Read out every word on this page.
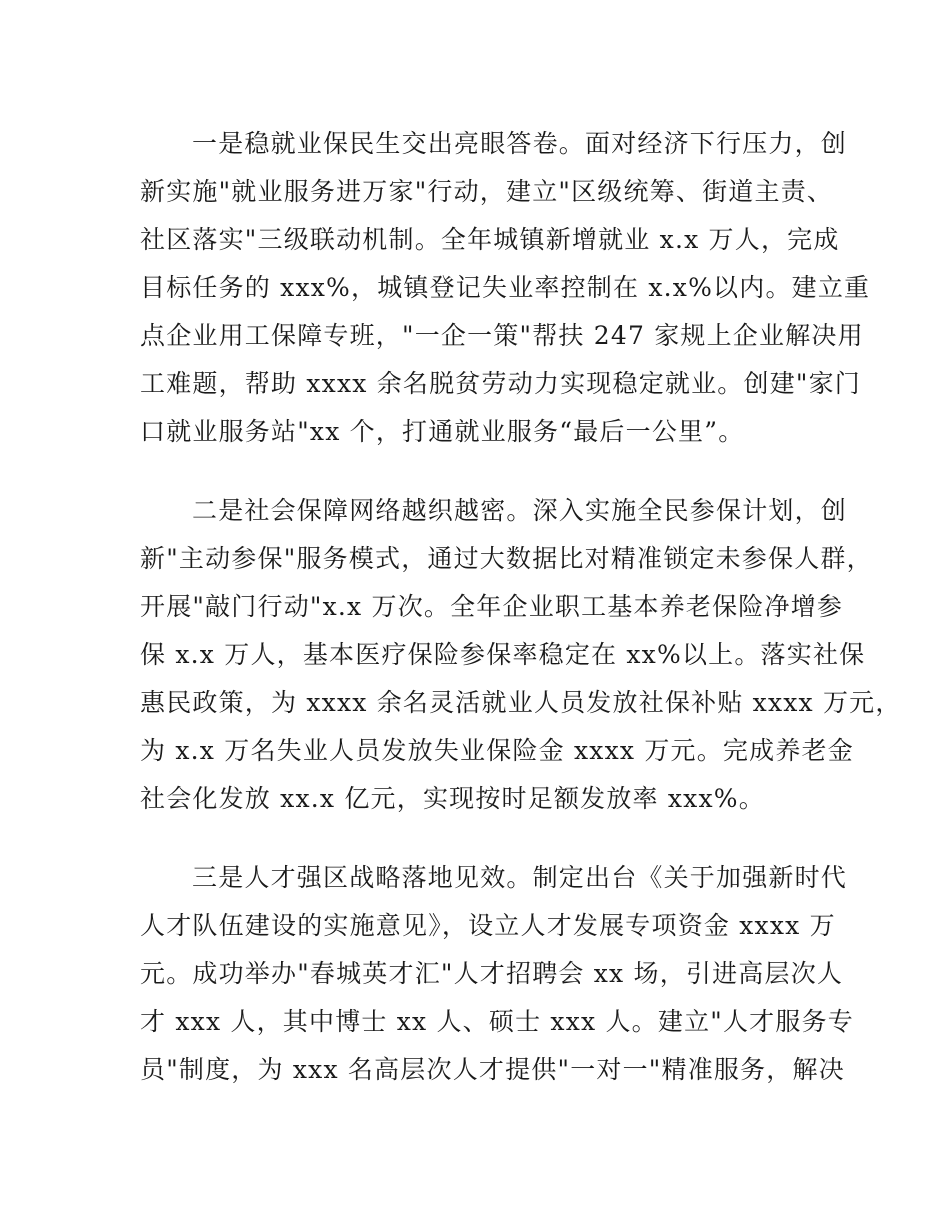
一是稳就业保民生交出亮眼答卷。面对经济下行压力，创
新实施"就业服务进万家"行动，建立"区级统筹、街道主责、
社区落实"三级联动机制。全年城镇新增就业 x.x 万人，完成
目标任务的 xxx%，城镇登记失业率控制在 x.x%以内。建立重
点企业用工保障专班，"一企一策"帮扶 247 家规上企业解决用
工难题，帮助 xxxx 余名脱贫劳动力实现稳定就业。创建"家门
口就业服务站"xx 个，打通就业服务“最后一公里”。

二是社会保障网络越织越密。深入实施全民参保计划，创
新"主动参保"服务模式，通过大数据比对精准锁定未参保人群，
开展"敲门行动"x.x 万次。全年企业职工基本养老保险净增参
保 x.x 万人，基本医疗保险参保率稳定在 xx%以上。落实社保
惠民政策，为 xxxx 余名灵活就业人员发放社保补贴 xxxx 万元，
为 x.x 万名失业人员发放失业保险金 xxxx 万元。完成养老金
社会化发放 xx.x 亿元，实现按时足额发放率 xxx%。

三是人才强区战略落地见效。制定出台《关于加强新时代
人才队伍建设的实施意见》，设立人才发展专项资金 xxxx 万
元。成功举办"春城英才汇"人才招聘会 xx 场，引进高层次人
才 xxx 人，其中博士 xx 人、硕士 xxx 人。建立"人才服务专
员"制度，为 xxx 名高层次人才提供"一对一"精准服务，解决
